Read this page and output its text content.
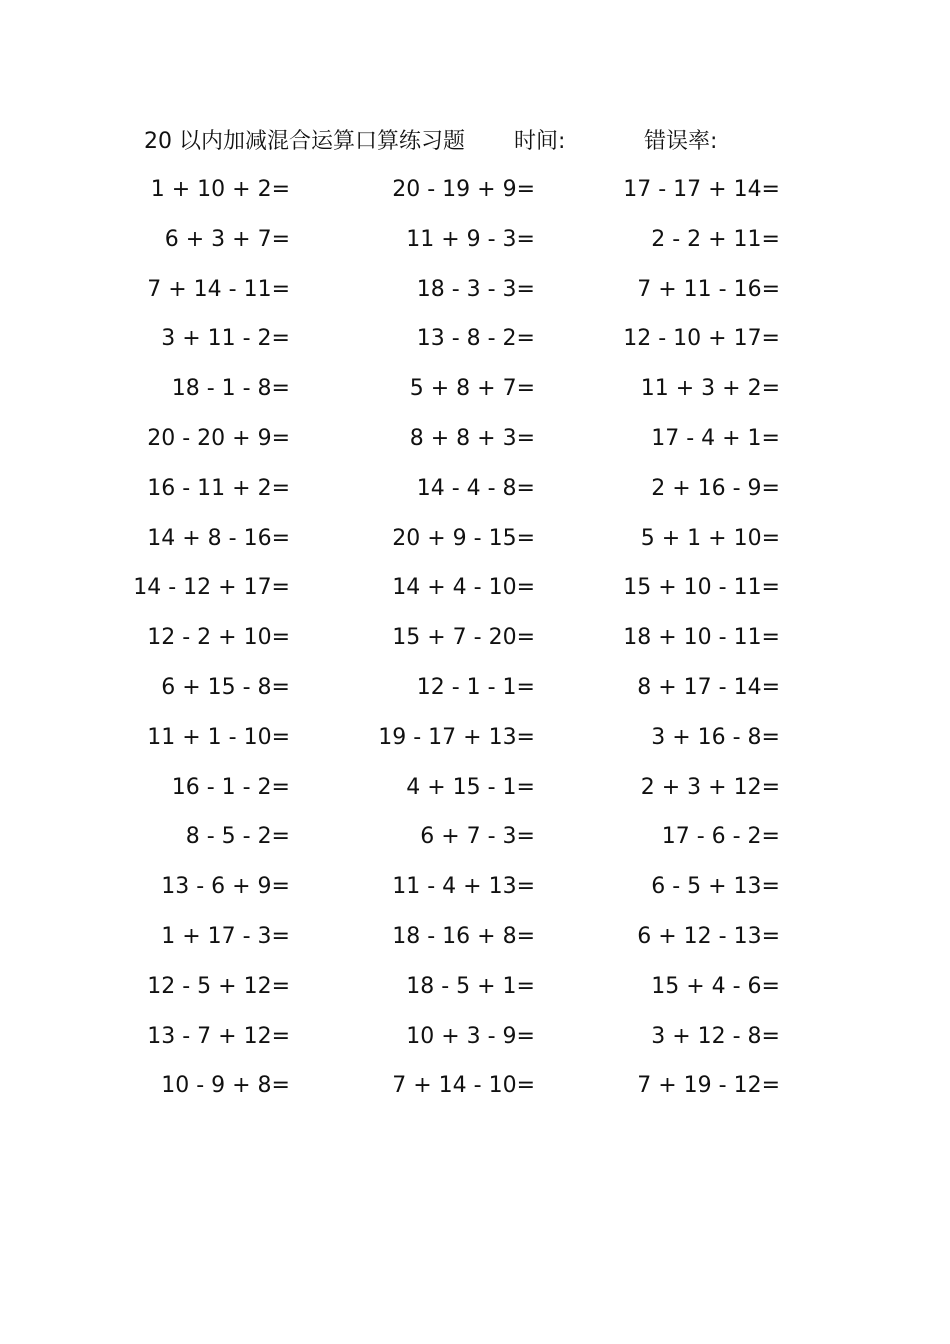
20 以内加减混合运算口算练习题 时间:	错误率:
1 + 10 + 2=	20 - 19 + 9=	17 - 17 + 14=
6 + 3 + 7=	11 + 9 - 3=	2 - 2 + 11=
7 + 14 - 11=	18 - 3 - 3=	7 + 11 - 16=
3 + 11 - 2=	13 - 8 - 2=	12 - 10 + 17=
18 - 1 - 8=	5 + 8 + 7=	11 + 3 + 2=
20 - 20 + 9=	8 + 8 + 3=	17 - 4 + 1=
16 - 11 + 2=	14 - 4 - 8=	2 + 16 - 9=
14 + 8 - 16=	20 + 9 - 15=	5 + 1 + 10=
14 - 12 + 17=	14 + 4 - 10=	15 + 10 - 11=
12 - 2 + 10=	15 + 7 - 20=	18 + 10 - 11=
6 + 15 - 8=	12 - 1 - 1=	8 + 17 - 14=
11 + 1 - 10=	19 - 17 + 13=	3 + 16 - 8=
16 - 1 - 2=	4 + 15 - 1=	2 + 3 + 12=
8 - 5 - 2=	6 + 7 - 3=	17 - 6 - 2=
13 - 6 + 9=	11 - 4 + 13=	6 - 5 + 13=
1 + 17 - 3=	18 - 16 + 8=	6 + 12 - 13=
12 - 5 + 12=	18 - 5 + 1=	15 + 4 - 6=
13 - 7 + 12=	10 + 3 - 9=	3 + 12 - 8=
10 - 9 + 8=	7 + 14 - 10=	7 + 19 - 12=
